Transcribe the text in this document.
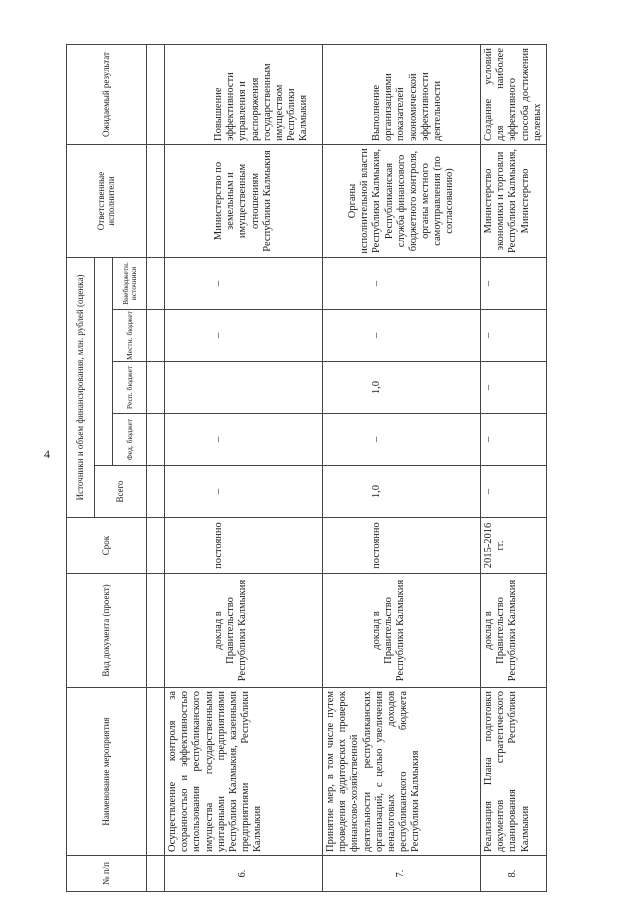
4
№ п/п	Наименование мероприятия	Вид документа (проект)	Срок	Источники и объем финансирования, млн. рублей (оценка)					Ответственные исполнители	Ожидаемый результат
				Всего						
					Фед. бюджет	Респ. бюджет	Мести. бюджет	Внебюджетн. источники		

6.	Осуществление контроля за сохранностью и эффективностью использования республиканского имущества государственными унитарными предприятиями Республики Калмыкия, казенными предприятиями Республики Калмыкия	доклад в Правительство Республики Калмыкия	постоянно	–	–		–	–	Министерство по земельным и имущественным отношениям Республики Калмыкия	Повышение эффективности управления и распоряжения государственным имуществом Республики Калмыкия
7.	Принятие мер, в том числе путем проведения аудиторских проверок финансово-хозяйственной деятельности республиканских организаций, с целью увеличения неналоговых доходов республиканского бюджета Республики Калмыкия	доклад в Правительство Республики Калмыкия	постоянно	1,0	–	1,0	–	–	Органы исполнительной власти Республики Калмыкия, Республиканская служба финансового бюджетного контроля, органы местного самоуправления (по согласованию)	Выполнение организациями показателей экономической эффективности деятельности
8.	Реализация Плана подготовки документов стратегического планирования Республики Калмыкия	доклад в Правительство Республики Калмыкия	2015-2016 гг.	–	–	–	–	–	Министерство экономики и торговли Республики Калмыкия, Министерство	Создание условий для наиболее эффективного способа достижения целевых
